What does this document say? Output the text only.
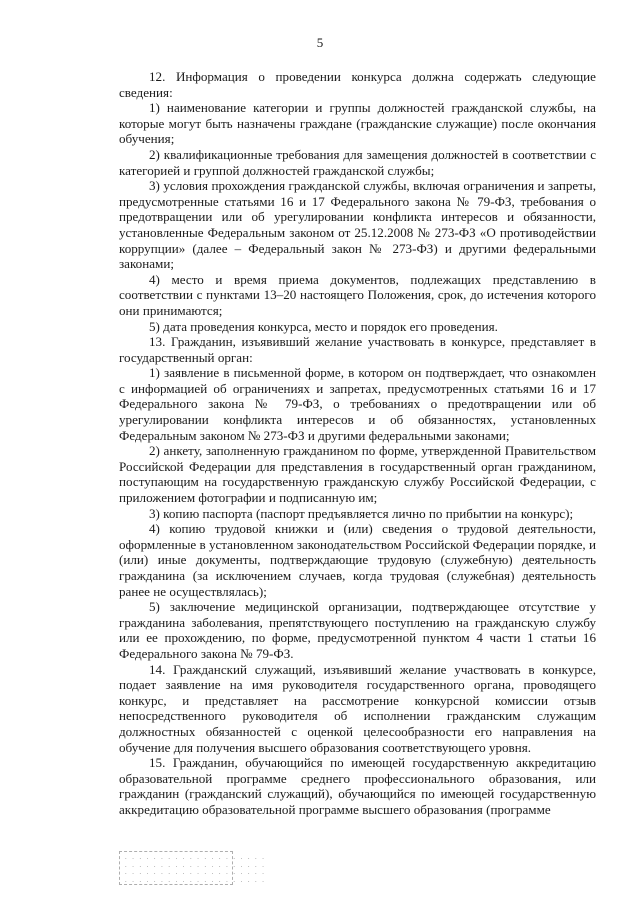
5

12. Информация о проведении конкурса должна содержать следующие сведения:

1) наименование категории и группы должностей гражданской службы, на которые могут быть назначены граждане (гражданские служащие) после окончания обучения;

2) квалификационные требования для замещения должностей в соответствии с категорией и группой должностей гражданской службы;

3) условия прохождения гражданской службы, включая ограничения и запреты, предусмотренные статьями 16 и 17 Федерального закона № 79-ФЗ, требования о предотвращении или об урегулировании конфликта интересов и обязанности, установленные Федеральным законом от 25.12.2008 № 273-ФЗ «О противодействии коррупции» (далее – Федеральный закон № 273-ФЗ) и другими федеральными законами;

4) место и время приема документов, подлежащих представлению в соответствии с пунктами 13–20 настоящего Положения, срок, до истечения которого они принимаются;

5) дата проведения конкурса, место и порядок его проведения.

13. Гражданин, изъявивший желание участвовать в конкурсе, представляет в государственный орган:

1) заявление в письменной форме, в котором он подтверждает, что ознакомлен с информацией об ограничениях и запретах, предусмотренных статьями 16 и 17 Федерального закона № 79-ФЗ, о требованиях о предотвращении или об урегулировании конфликта интересов и об обязанностях, установленных Федеральным законом № 273-ФЗ и другими федеральными законами;

2) анкету, заполненную гражданином по форме, утвержденной Правительством Российской Федерации для представления в государственный орган гражданином, поступающим на государственную гражданскую службу Российской Федерации, с приложением фотографии и подписанную им;

3) копию паспорта (паспорт предъявляется лично по прибытии на конкурс);

4) копию трудовой книжки и (или) сведения о трудовой деятельности, оформленные в установленном законодательством Российской Федерации порядке, и (или) иные документы, подтверждающие трудовую (служебную) деятельность гражданина (за исключением случаев, когда трудовая (служебная) деятельность ранее не осуществлялась);

5) заключение медицинской организации, подтверждающее отсутствие у гражданина заболевания, препятствующего поступлению на гражданскую службу или ее прохождению, по форме, предусмотренной пунктом 4 части 1 статьи 16 Федерального закона № 79-ФЗ.

14. Гражданский служащий, изъявивший желание участвовать в конкурсе, подает заявление на имя руководителя государственного органа, проводящего конкурс, и представляет на рассмотрение конкурсной комиссии отзыв непосредственного руководителя об исполнении гражданским служащим должностных обязанностей с оценкой целесообразности его направления на обучение для получения высшего образования соответствующего уровня.

15. Гражданин, обучающийся по имеющей государственную аккредитацию образовательной программе среднего профессионального образования, или гражданин (гражданский служащий), обучающийся по имеющей государственную аккредитацию образовательной программе высшего образования (программе

. . . . . . . . . . . . . . . . . . . .
. . . . . . . . . . . . . . . . . . . .
. . . . . . . . . . . . . . . . . . . .
. . . . . . . . . . . . . . . . . . . .
